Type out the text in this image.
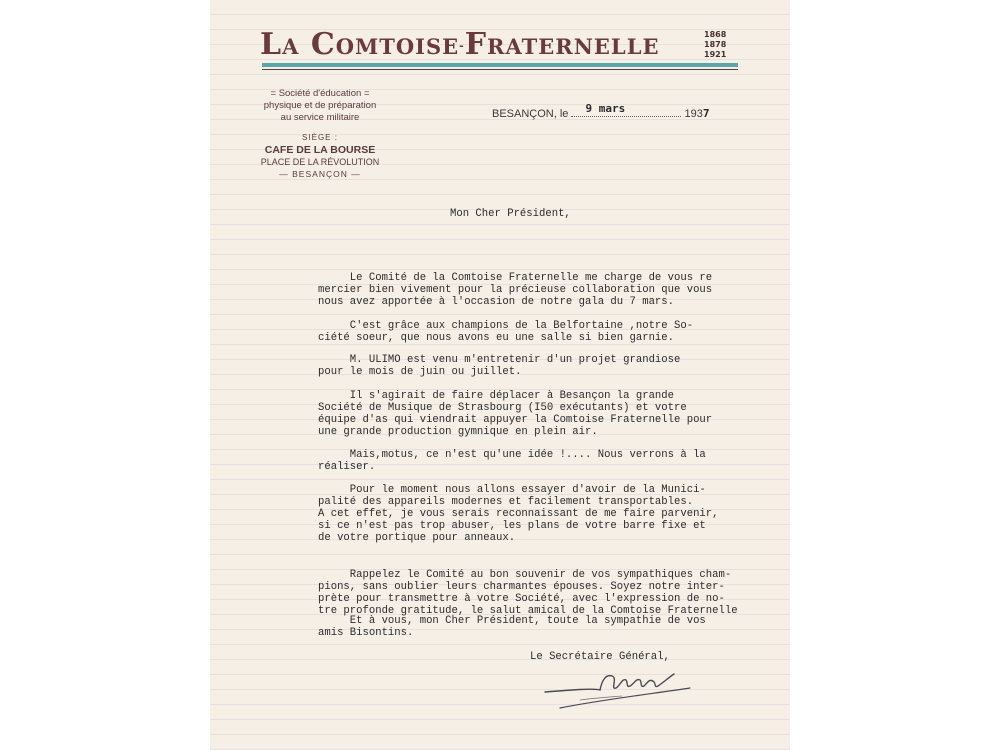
La Comtoise-Fraternelle	1868
1878
1921
= Société d'éducation =
physique et de préparation
au service militaire
SIÈGE :
CAFE DE LA BOURSE
PLACE DE LA RÉVOLUTION
— BESANÇON —
BESANÇON, le 9 mars	1937
Mon Cher Président,
Le Comité de la Comtoise Fraternelle me charge de vous re
mercier bien vivement pour la précieuse collaboration que vous
nous avez apportée à l'occasion de notre gala du 7 mars.
C'est grâce aux champions de la Belfortaine ,notre So-
ciété soeur, que nous avons eu une salle si bien garnie.
M. ULIMO est venu m'entretenir d'un projet grandiose
pour le mois de juin ou juillet.
Il s'agirait de faire déplacer à Besançon la grande
Société de Musique de Strasbourg (I50 exécutants) et votre
équipe d'as qui viendrait appuyer la Comtoise Fraternelle pour
une grande production gymnique en plein air.
Mais,motus, ce n'est qu'une idée !.... Nous verrons à la
réaliser.
Pour le moment nous allons essayer d'avoir de la Munici-
palité des appareils modernes et facilement transportables.
A cet effet, je vous serais reconnaissant de me faire parvenir,
si ce n'est pas trop abuser, les plans de votre barre fixe et
de votre portique pour anneaux.
Rappelez le Comité au bon souvenir de vos sympathiques cham-
pions, sans oublier leurs charmantes épouses. Soyez notre inter-
prète pour transmettre à votre Société, avec l'expression de no-
tre profonde gratitude, le salut amical de la Comtoise Fraternelle
Et à vous, mon Cher Président, toute la sympathie de vos
amis Bisontins.
Le Secrétaire Général,
